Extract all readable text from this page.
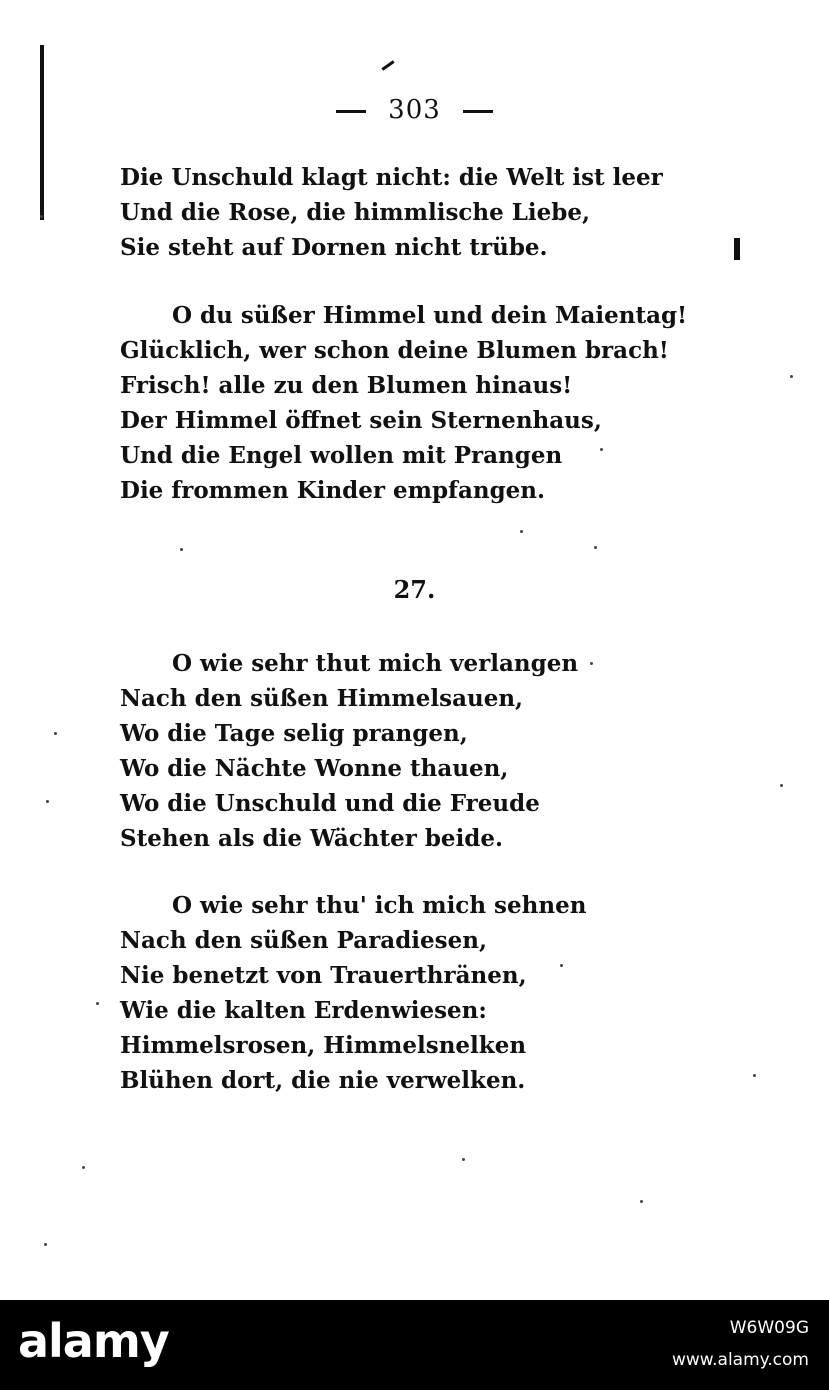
303
Die Unschuld klagt nicht: die Welt ist leer
Und die Rose, die himmlische Liebe,
Sie steht auf Dornen nicht trübe.
O du süßer Himmel und dein Maientag!
Glücklich, wer schon deine Blumen brach!
Frisch! alle zu den Blumen hinaus!
Der Himmel öffnet sein Sternenhaus,
Und die Engel wollen mit Prangen
Die frommen Kinder empfangen.
27.
O wie sehr thut mich verlangen
Nach den süßen Himmelsauen,
Wo die Tage selig prangen,
Wo die Nächte Wonne thauen,
Wo die Unschuld und die Freude
Stehen als die Wächter beide.
O wie sehr thu' ich mich sehnen
Nach den süßen Paradiesen,
Nie benetzt von Trauerthränen,
Wie die kalten Erdenwiesen:
Himmelsrosen, Himmelsnelken
Blühen dort, die nie verwelken.
alamy	W6W09G
www.alamy.com
